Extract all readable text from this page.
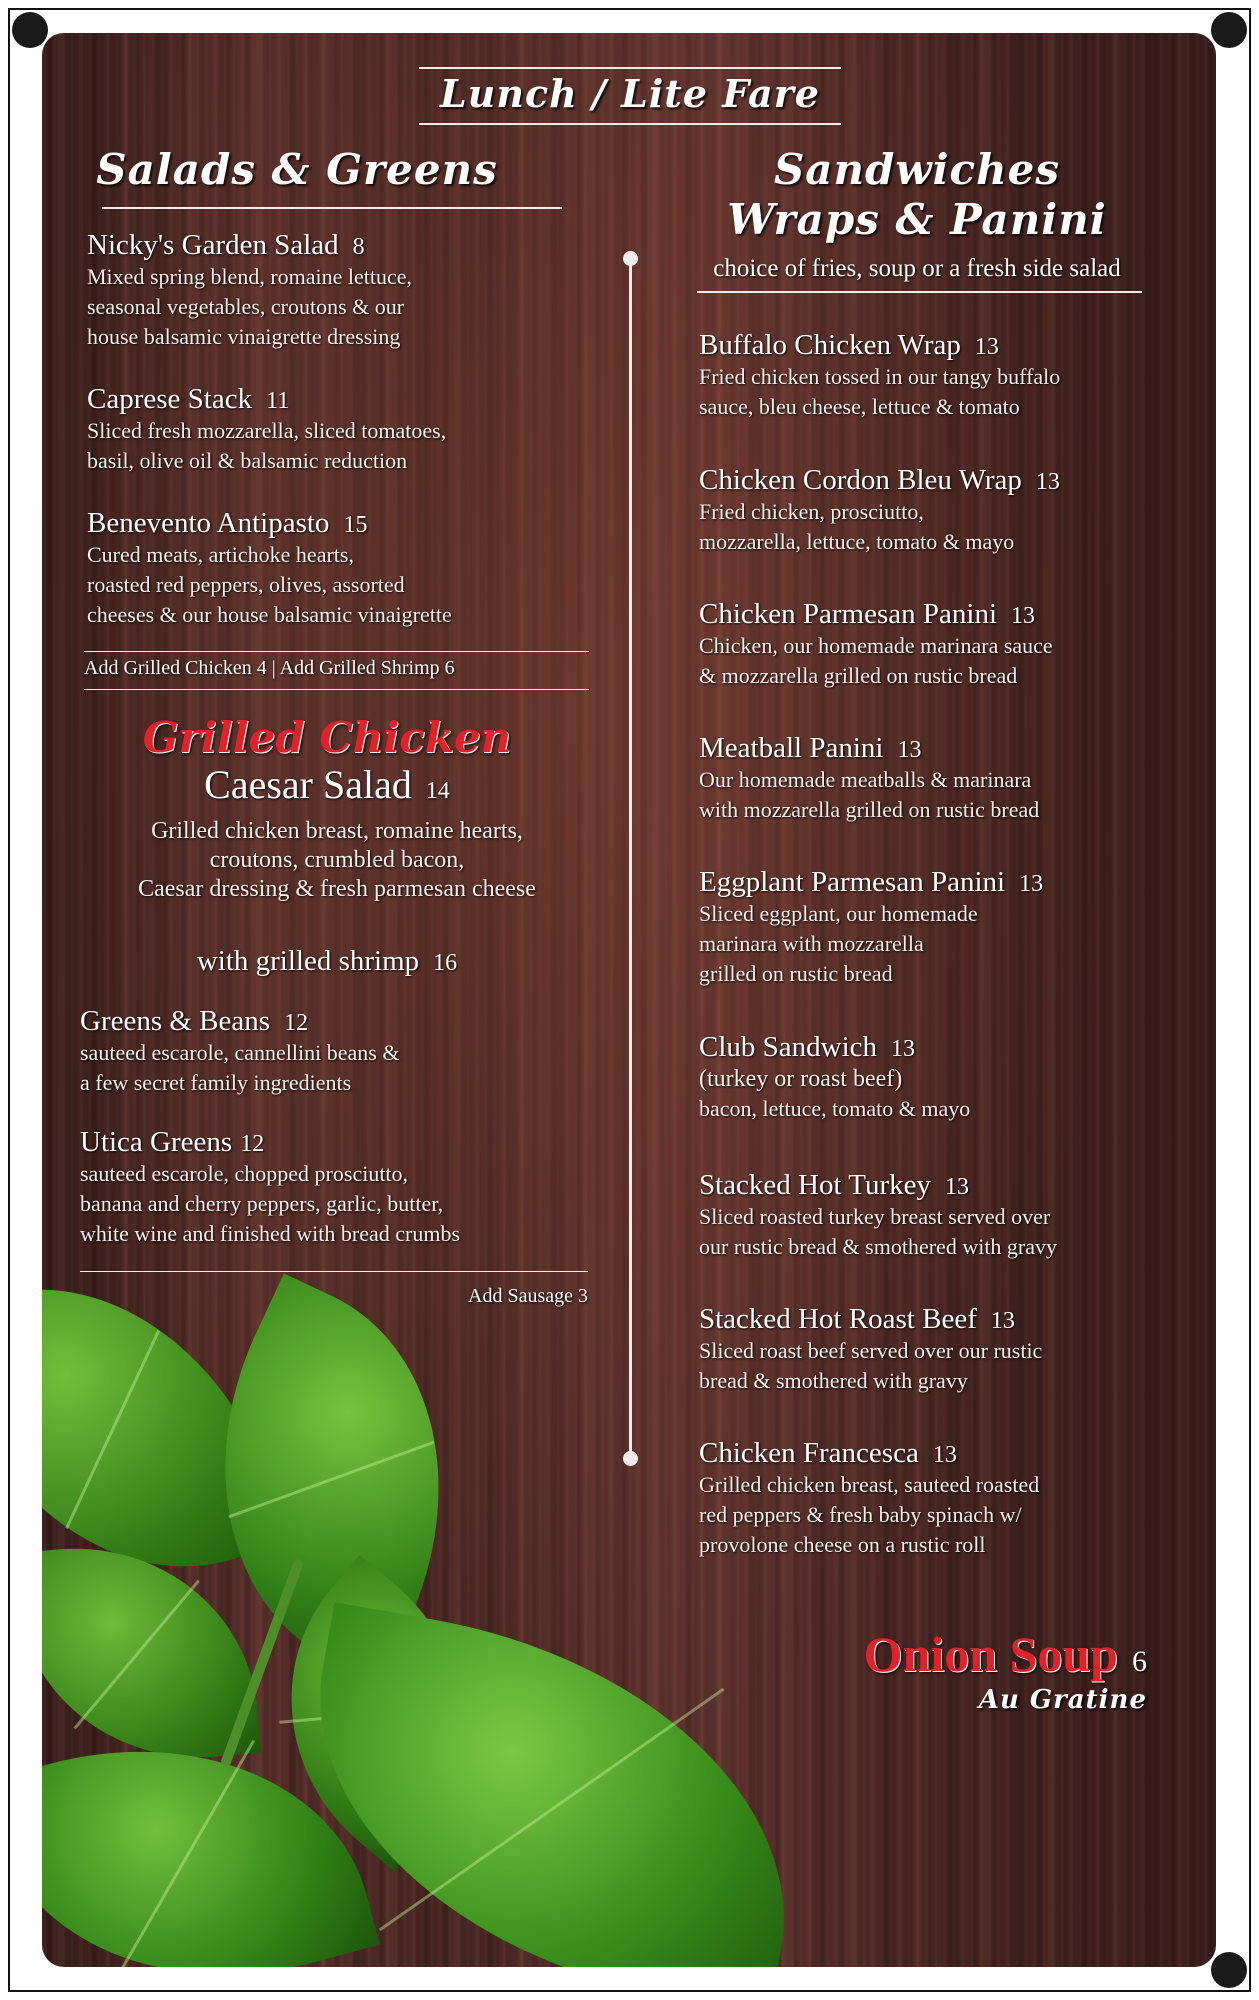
Lunch / Lite Fare
Salads & Greens
Nicky's Garden Salad 8
Mixed spring blend, romaine lettuce,
seasonal vegetables, croutons & our
house balsamic vinaigrette dressing
Caprese Stack 11
Sliced fresh mozzarella, sliced tomatoes,
basil, olive oil & balsamic reduction
Benevento Antipasto 15
Cured meats, artichoke hearts,
roasted red peppers, olives, assorted
cheeses & our house balsamic vinaigrette
Add Grilled Chicken 4 | Add Grilled Shrimp 6
Grilled Chicken
Caesar Salad 14
Grilled chicken breast, romaine hearts,
croutons, crumbled bacon,
Caesar dressing & fresh parmesan cheese
with grilled shrimp 16
Greens & Beans 12
sauteed escarole, cannellini beans &
a few secret family ingredients
Utica Greens 12
sauteed escarole, chopped prosciutto,
banana and cherry peppers, garlic, butter,
white wine and finished with bread crumbs
Add Sausage 3
Sandwiches
Wraps & Panini
choice of fries, soup or a fresh side salad
Buffalo Chicken Wrap 13
Fried chicken tossed in our tangy buffalo
sauce, bleu cheese, lettuce & tomato
Chicken Cordon Bleu Wrap 13
Fried chicken, prosciutto,
mozzarella, lettuce, tomato & mayo
Chicken Parmesan Panini 13
Chicken, our homemade marinara sauce
& mozzarella grilled on rustic bread
Meatball Panini 13
Our homemade meatballs & marinara
with mozzarella grilled on rustic bread
Eggplant Parmesan Panini 13
Sliced eggplant, our homemade
marinara with mozzarella
grilled on rustic bread
Club Sandwich 13
(turkey or roast beef)
bacon, lettuce, tomato & mayo
Stacked Hot Turkey 13
Sliced roasted turkey breast served over
our rustic bread & smothered with gravy
Stacked Hot Roast Beef 13
Sliced roast beef served over our rustic
bread & smothered with gravy
Chicken Francesca 13
Grilled chicken breast, sauteed roasted
red peppers & fresh baby spinach w/
provolone cheese on a rustic roll
Onion Soup 6
Au Gratine
